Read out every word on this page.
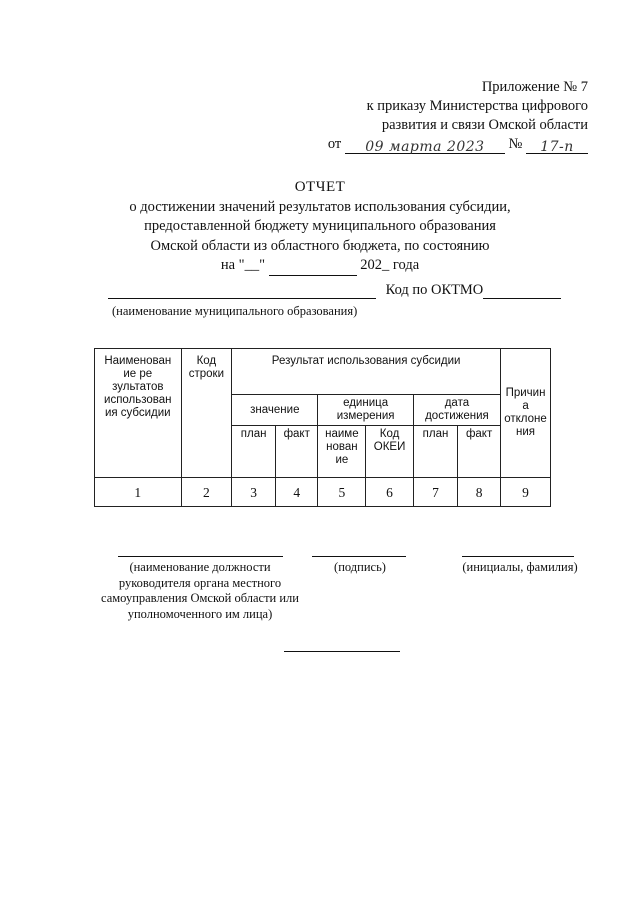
Приложение № 7
к приказу Министерства цифрового
развития и связи Омской области
от 09 марта 2023 № 17-п
ОТЧЕТ
о достижении значений результатов использования субсидии,
предоставленной бюджету муниципального образования
Омской области из областного бюджета, по состоянию
на "__"	202_ года
Код по ОКТМО
(наименование муниципального образования)
Наименован ие ре зультатов использован ия субсидии	Код строки	Результат использования субсидии						Причин а отклоне ния
		значение		единица измерения		дата достижения		
		план	факт	наиме нован ие	Код ОКЕИ	план	факт	
1	2	3	4	5	6	7	8	9
(наименование должности руководителя органа местного самоуправления Омской области или уполномоченного им лица)
(подпись)	(инициалы, фамилия)
